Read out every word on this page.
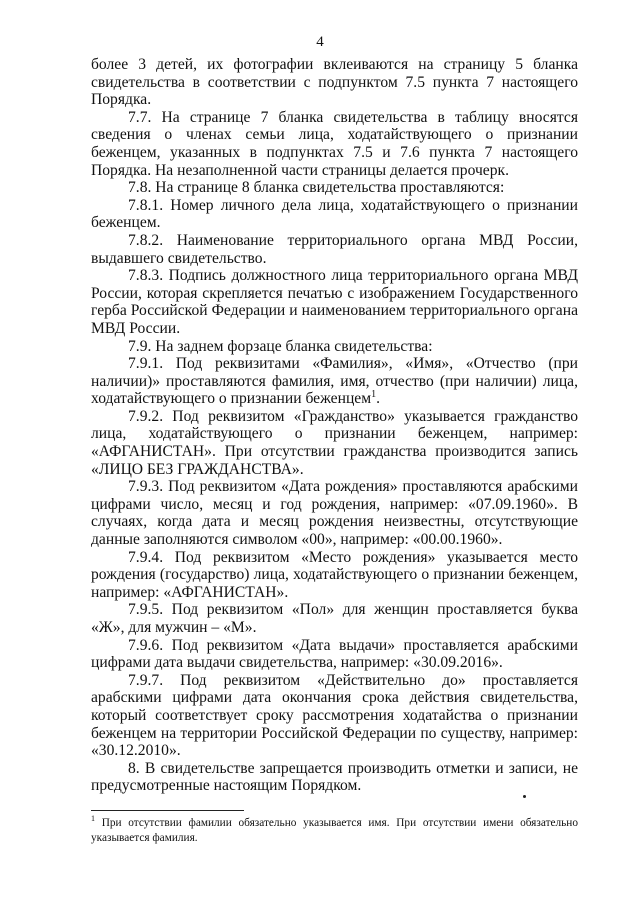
4

более 3 детей, их фотографии вклеиваются на страницу 5 бланка свидетельства в соответствии с подпунктом 7.5 пункта 7 настоящего Порядка.

7.7. На странице 7 бланка свидетельства в таблицу вносятся сведения о членах семьи лица, ходатайствующего о признании беженцем, указанных в подпунктах 7.5 и 7.6 пункта 7 настоящего Порядка. На незаполненной части страницы делается прочерк.

7.8. На странице 8 бланка свидетельства проставляются:

7.8.1. Номер личного дела лица, ходатайствующего о признании беженцем.

7.8.2. Наименование территориального органа МВД России, выдавшего свидетельство.

7.8.3. Подпись должностного лица территориального органа МВД России, которая скрепляется печатью с изображением Государственного герба Российской Федерации и наименованием территориального органа МВД России.

7.9. На заднем форзаце бланка свидетельства:

7.9.1. Под реквизитами «Фамилия», «Имя», «Отчество (при наличии)» проставляются фамилия, имя, отчество (при наличии) лица, ходатайствующего о признании беженцем$^1$.

7.9.2. Под реквизитом «Гражданство» указывается гражданство лица, ходатайствующего о признании беженцем, например: «АФГАНИСТАН». При отсутствии гражданства производится запись «ЛИЦО БЕЗ ГРАЖДАНСТВА».

7.9.3. Под реквизитом «Дата рождения» проставляются арабскими цифрами число, месяц и год рождения, например: «07.09.1960». В случаях, когда дата и месяц рождения неизвестны, отсутствующие данные заполняются символом «00», например: «00.00.1960».

7.9.4. Под реквизитом «Место рождения» указывается место рождения (государство) лица, ходатайствующего о признании беженцем, например: «АФГАНИСТАН».

7.9.5. Под реквизитом «Пол» для женщин проставляется буква «Ж», для мужчин – «М».

7.9.6. Под реквизитом «Дата выдачи» проставляется арабскими цифрами дата выдачи свидетельства, например: «30.09.2016».

7.9.7. Под реквизитом «Действительно до» проставляется арабскими цифрами дата окончания срока действия свидетельства, который соответствует сроку рассмотрения ходатайства о признании беженцем на территории Российской Федерации по существу, например: «30.12.2010».

8. В свидетельстве запрещается производить отметки и записи, не предусмотренные настоящим Порядком.

$^1$ При отсутствии фамилии обязательно указывается имя. При отсутствии имени обязательно указывается фамилия.
